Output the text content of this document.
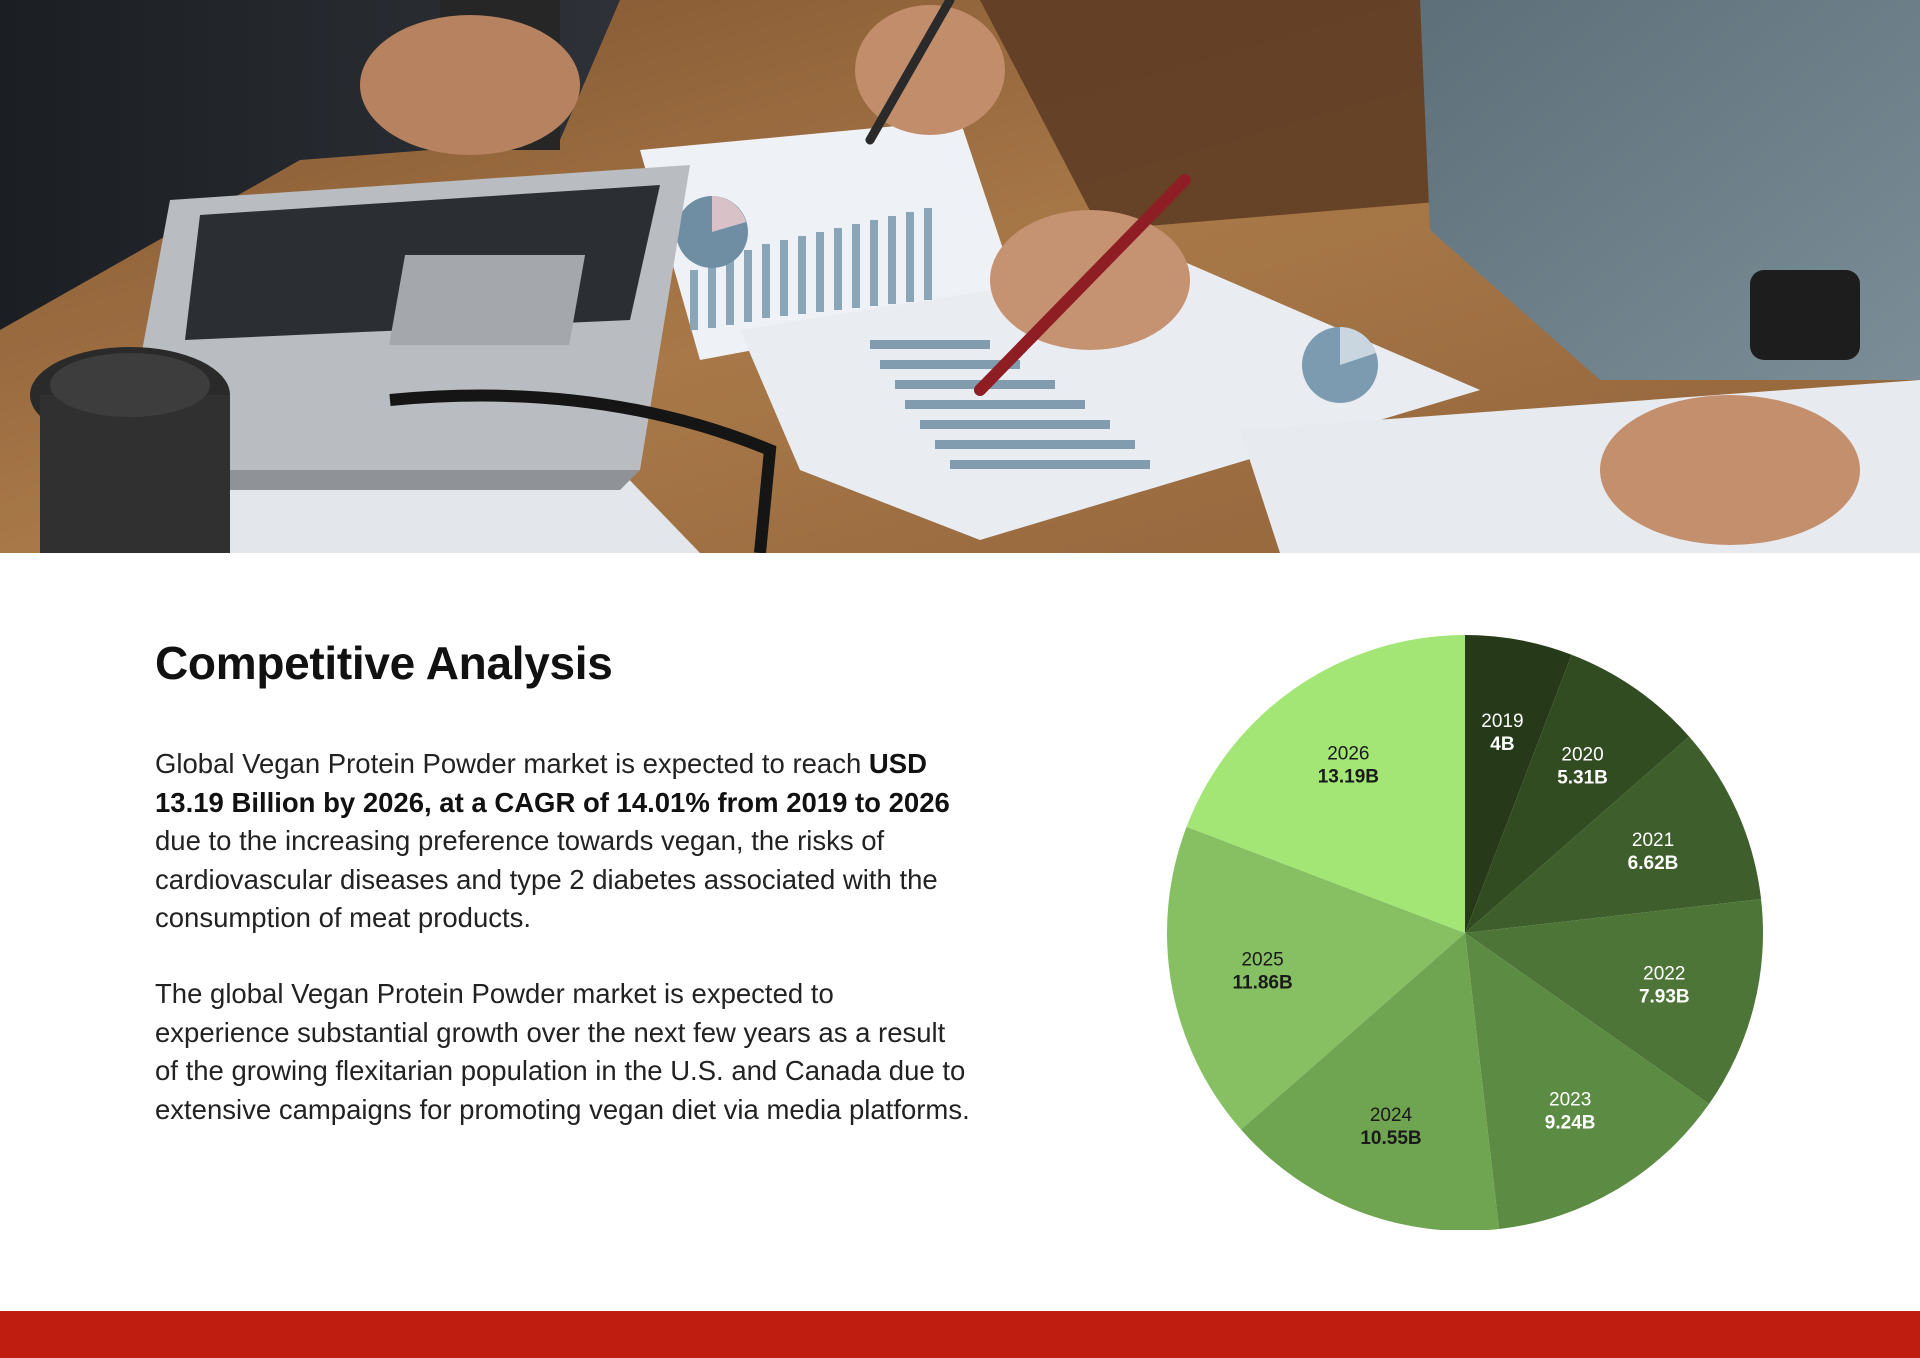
Competitive Analysis

Global Vegan Protein Powder market is expected to reach USD 13.19 Billion by 2026, at a CAGR of 14.01% from 2019 to 2026 due to the increasing preference towards vegan, the risks of cardiovascular diseases and type 2 diabetes associated with the consumption of meat products.

The global Vegan Protein Powder market is expected to experience substantial growth over the next few years as a result of the growing flexitarian population in the U.S. and Canada due to extensive campaigns for promoting vegan diet via media platforms.

2019
4B 2020
5.31B
2021
6.62B
2022
7.93B
2023
9.24B
2024
10.55B
2025
11.86B
2026
13.19B
